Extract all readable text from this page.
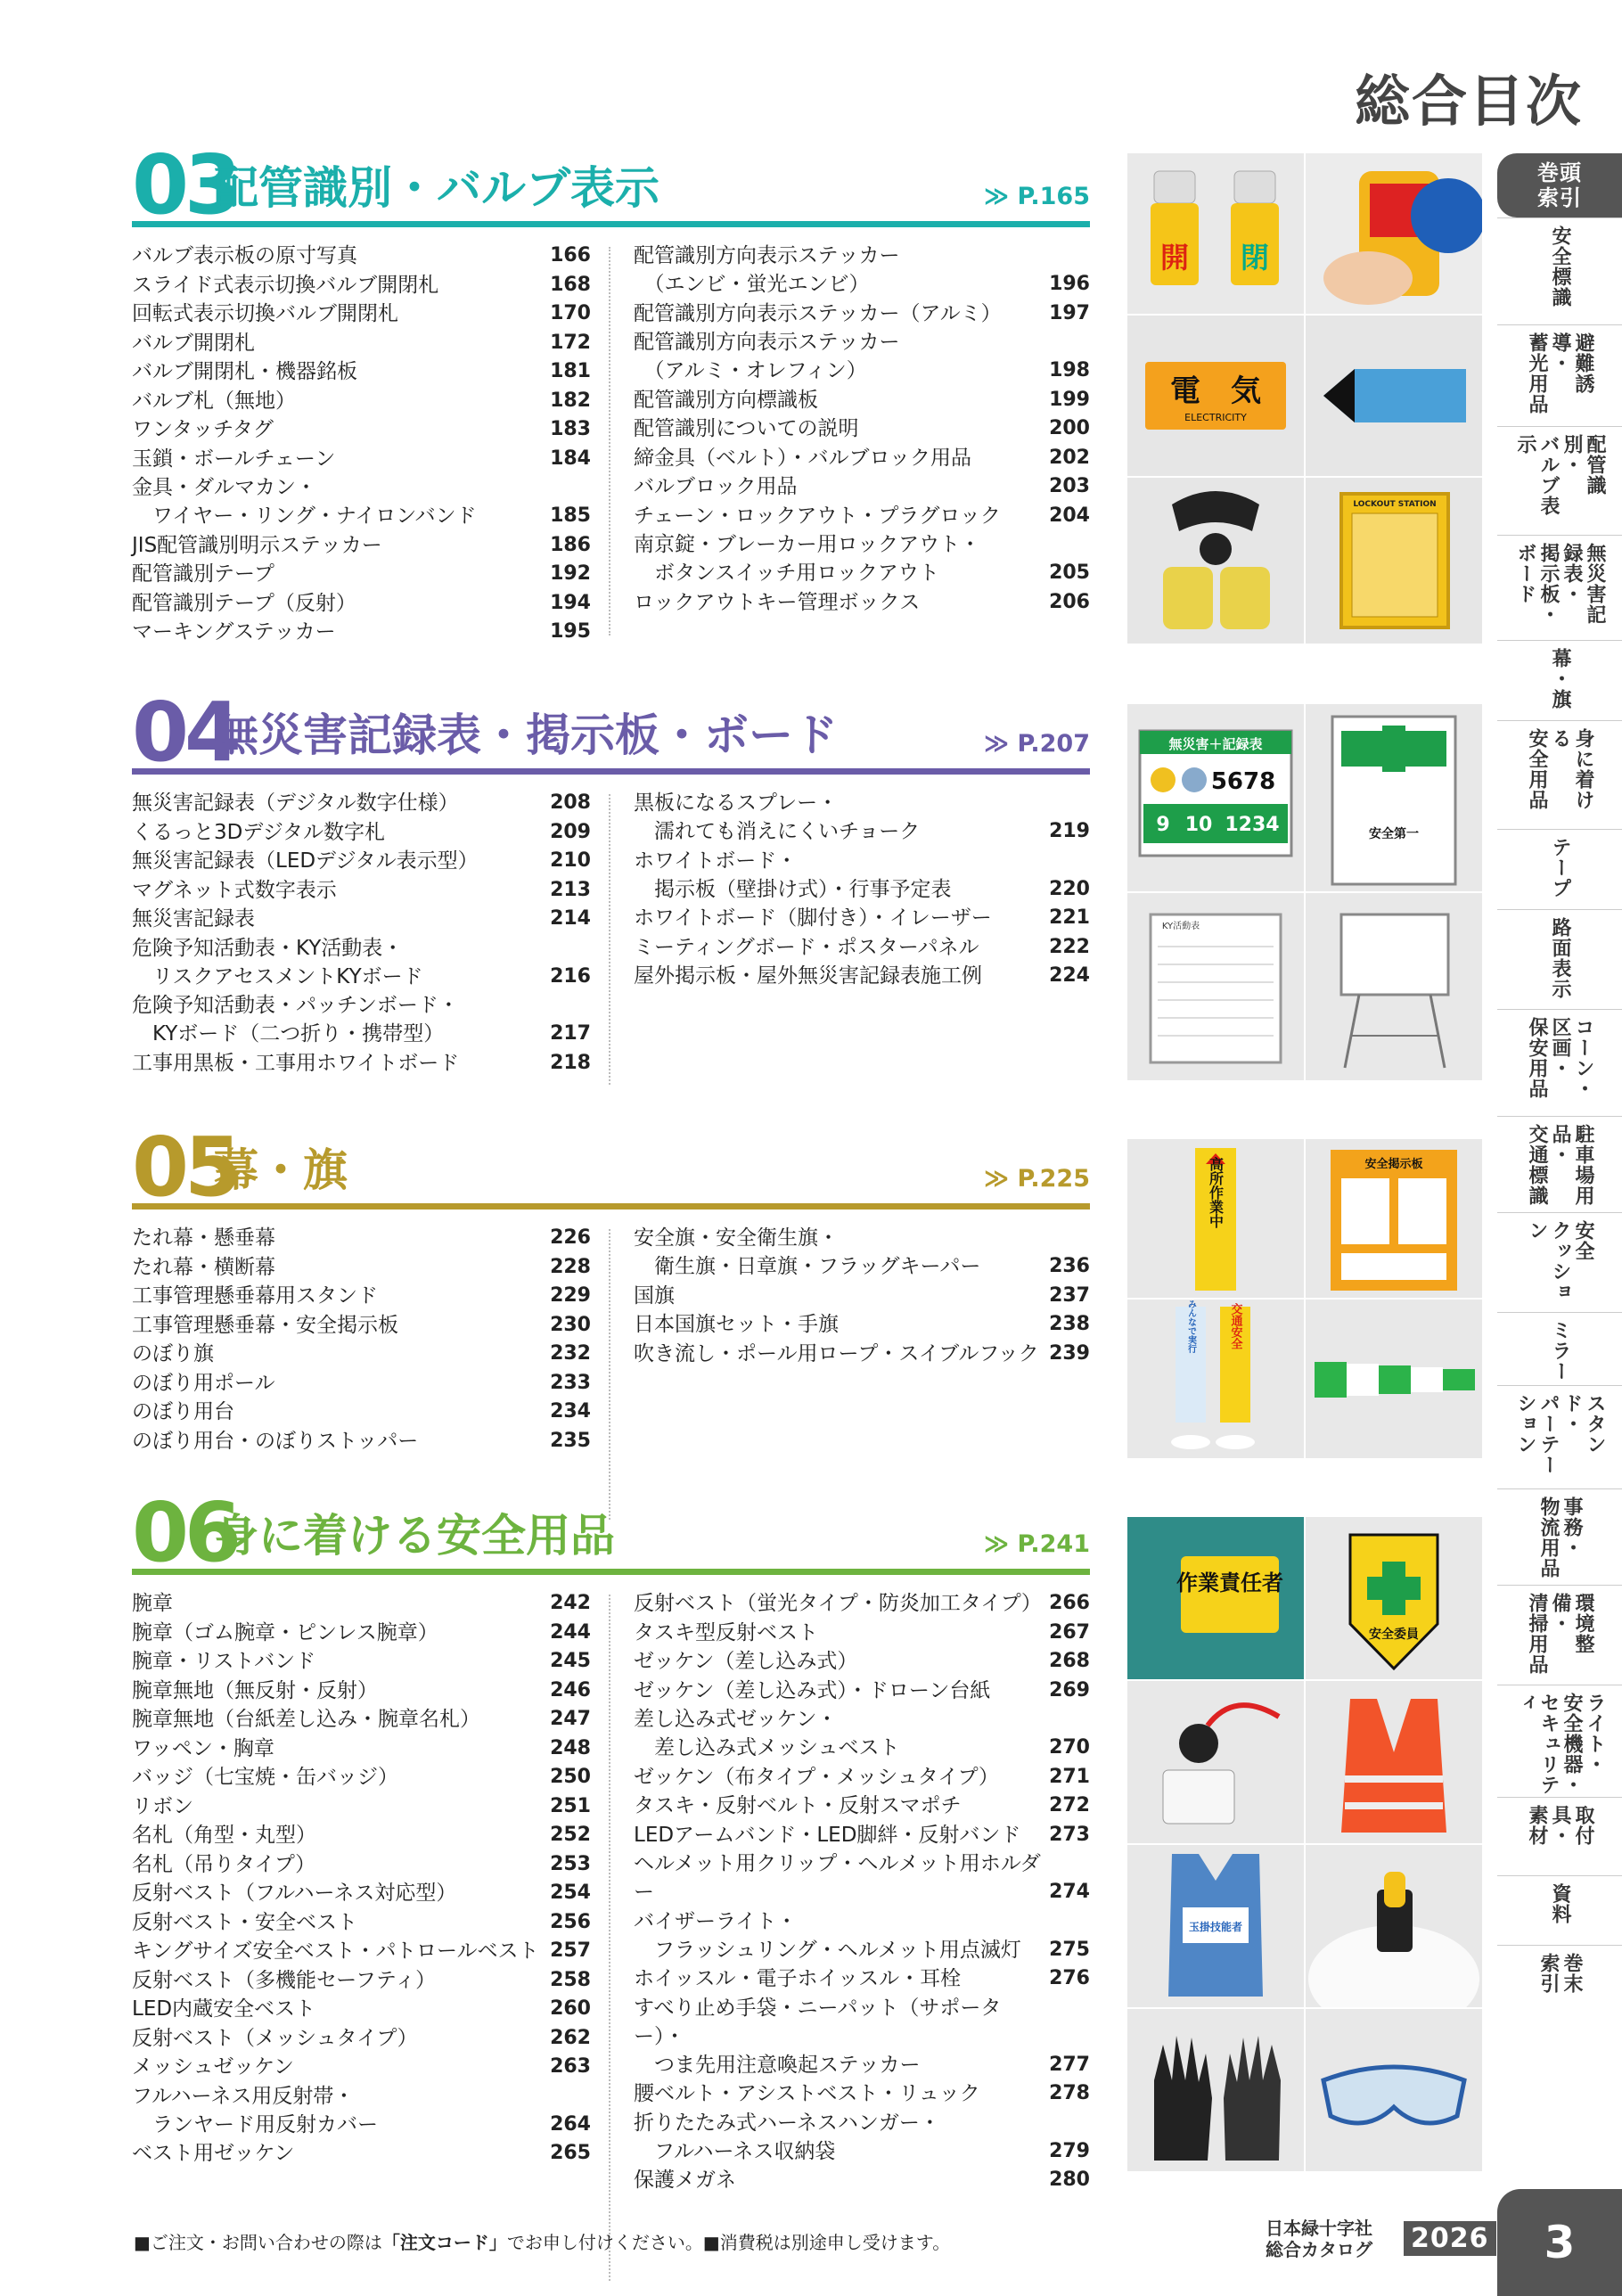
総合目次
03
配管識別・バルブ表示	≫ P.165
バルブ表示板の原寸写真	166
スライド式表示切換バルブ開閉札	168
回転式表示切換バルブ開閉札	170
バルブ開閉札	172
バルブ開閉札・機器銘板	181
バルブ札（無地）	182
ワンタッチタグ	183
玉鎖・ボールチェーン	184
金具・ダルマカン・
　ワイヤー・リング・ナイロンバンド	185
JIS配管識別明示ステッカー	186
配管識別テープ	192
配管識別テープ（反射）	194
マーキングステッカー	195
配管識別方向表示ステッカー
　（エンビ・蛍光エンビ）	196
配管識別方向表示ステッカー（アルミ）	197
配管識別方向表示ステッカー
　（アルミ・オレフィン）	198
配管識別方向標識板	199
配管識別についての説明	200
締金具（ベルト）・バルブロック用品	202
バルブロック用品	203
チェーン・ロックアウト・プラグロック	204
南京錠・ブレーカー用ロックアウト・
　ボタンスイッチ用ロックアウト	205
ロックアウトキー管理ボックス	206
04
無災害記録表・掲示板・ボード	≫ P.207
無災害記録表（デジタル数字仕様）	208
くるっと3Dデジタル数字札	209
無災害記録表（LEDデジタル表示型）	210
マグネット式数字表示	213
無災害記録表	214
危険予知活動表・KY活動表・
　リスクアセスメントKYボード	216
危険予知活動表・パッチンボード・
　KYボード（二つ折り・携帯型）	217
工事用黒板・工事用ホワイトボード	218
黒板になるスプレー・
　濡れても消えにくいチョーク	219
ホワイトボード・
　掲示板（壁掛け式）・行事予定表	220
ホワイトボード（脚付き）・イレーザー	221
ミーティングボード・ポスターパネル	222
屋外掲示板・屋外無災害記録表施工例	224
05
幕・旗	≫ P.225
たれ幕・懸垂幕	226
たれ幕・横断幕	228
工事管理懸垂幕用スタンド	229
工事管理懸垂幕・安全掲示板	230
のぼり旗	232
のぼり用ポール	233
のぼり用台	234
のぼり用台・のぼりストッパー	235
安全旗・安全衛生旗・
　衛生旗・日章旗・フラッグキーパー	236
国旗	237
日本国旗セット・手旗	238
吹き流し・ポール用ロープ・スイブルフック 239
06
身に着ける安全用品	≫ P.241
腕章	242
腕章（ゴム腕章・ピンレス腕章）	244
腕章・リストバンド	245
腕章無地（無反射・反射）	246
腕章無地（台紙差し込み・腕章名札）	247
ワッペン・胸章	248
バッジ（七宝焼・缶バッジ）	250
リボン	251
名札（角型・丸型）	252
名札（吊りタイプ）	253
反射ベスト（フルハーネス対応型）	254
反射ベスト・安全ベスト	256
キングサイズ安全ベスト・パトロールベスト 257
反射ベスト（多機能セーフティ）	258
LED内蔵安全ベスト	260
反射ベスト（メッシュタイプ）	262
メッシュゼッケン	263
フルハーネス用反射帯・
　ランヤード用反射カバー	264
ベスト用ゼッケン	265
反射ベスト（蛍光タイプ・防炎加工タイプ） 266
タスキ型反射ベスト	267
ゼッケン（差し込み式）	268
ゼッケン（差し込み式）・ドローン台紙	269
差し込み式ゼッケン・
　差し込み式メッシュベスト	270
ゼッケン（布タイプ・メッシュタイプ）	271
タスキ・反射ベルト・反射スマポチ	272
LEDアームバンド・LED脚絆・反射バンド	273
ヘルメット用クリップ・ヘルメット用ホルダー	274
バイザーライト・
　フラッシュリング・ヘルメット用点滅灯	275
ホイッスル・電子ホイッスル・耳栓	276
すべり止め手袋・ニーパット（サポーター）・
　つま先用注意喚起ステッカー	277
腰ベルト・アシストベスト・リュック	278
折りたたみ式ハーネスハンガー・
　フルハーネス収納袋	279
保護メガネ	280
開 閉
電　気
ELECTRICITY
LOCKOUT STATION
無災害＋記録表
5678
9 10 1234	安全第一
KY活動表
高所作業中	安全掲示板
交通安全
みんなで実行
作業責任者
安全委員
玉掛技能者
巻頭
索引
安全標識
避難誘導・
蓄光用品
配管識別・
バルブ表示
無災害記録表・
掲示板・
ボード
幕・旗
身に着ける
安全用品
テープ
路面表示
コーン・区画・
保安用品
駐車場用品・
交通標識
安全
クッション
ミラー
スタンド・
パーテーション
事務・
物流用品
環境整備・
清掃用品
ライト・
安全機器・
セキュリティ
取付具・
素材
資料
巻末
索引
■ご注文・お問い合わせの際は「注文コード」でお申し付けください。■消費税は別途申し受けます。
日本緑十字社
総合カタログ 2026	3
